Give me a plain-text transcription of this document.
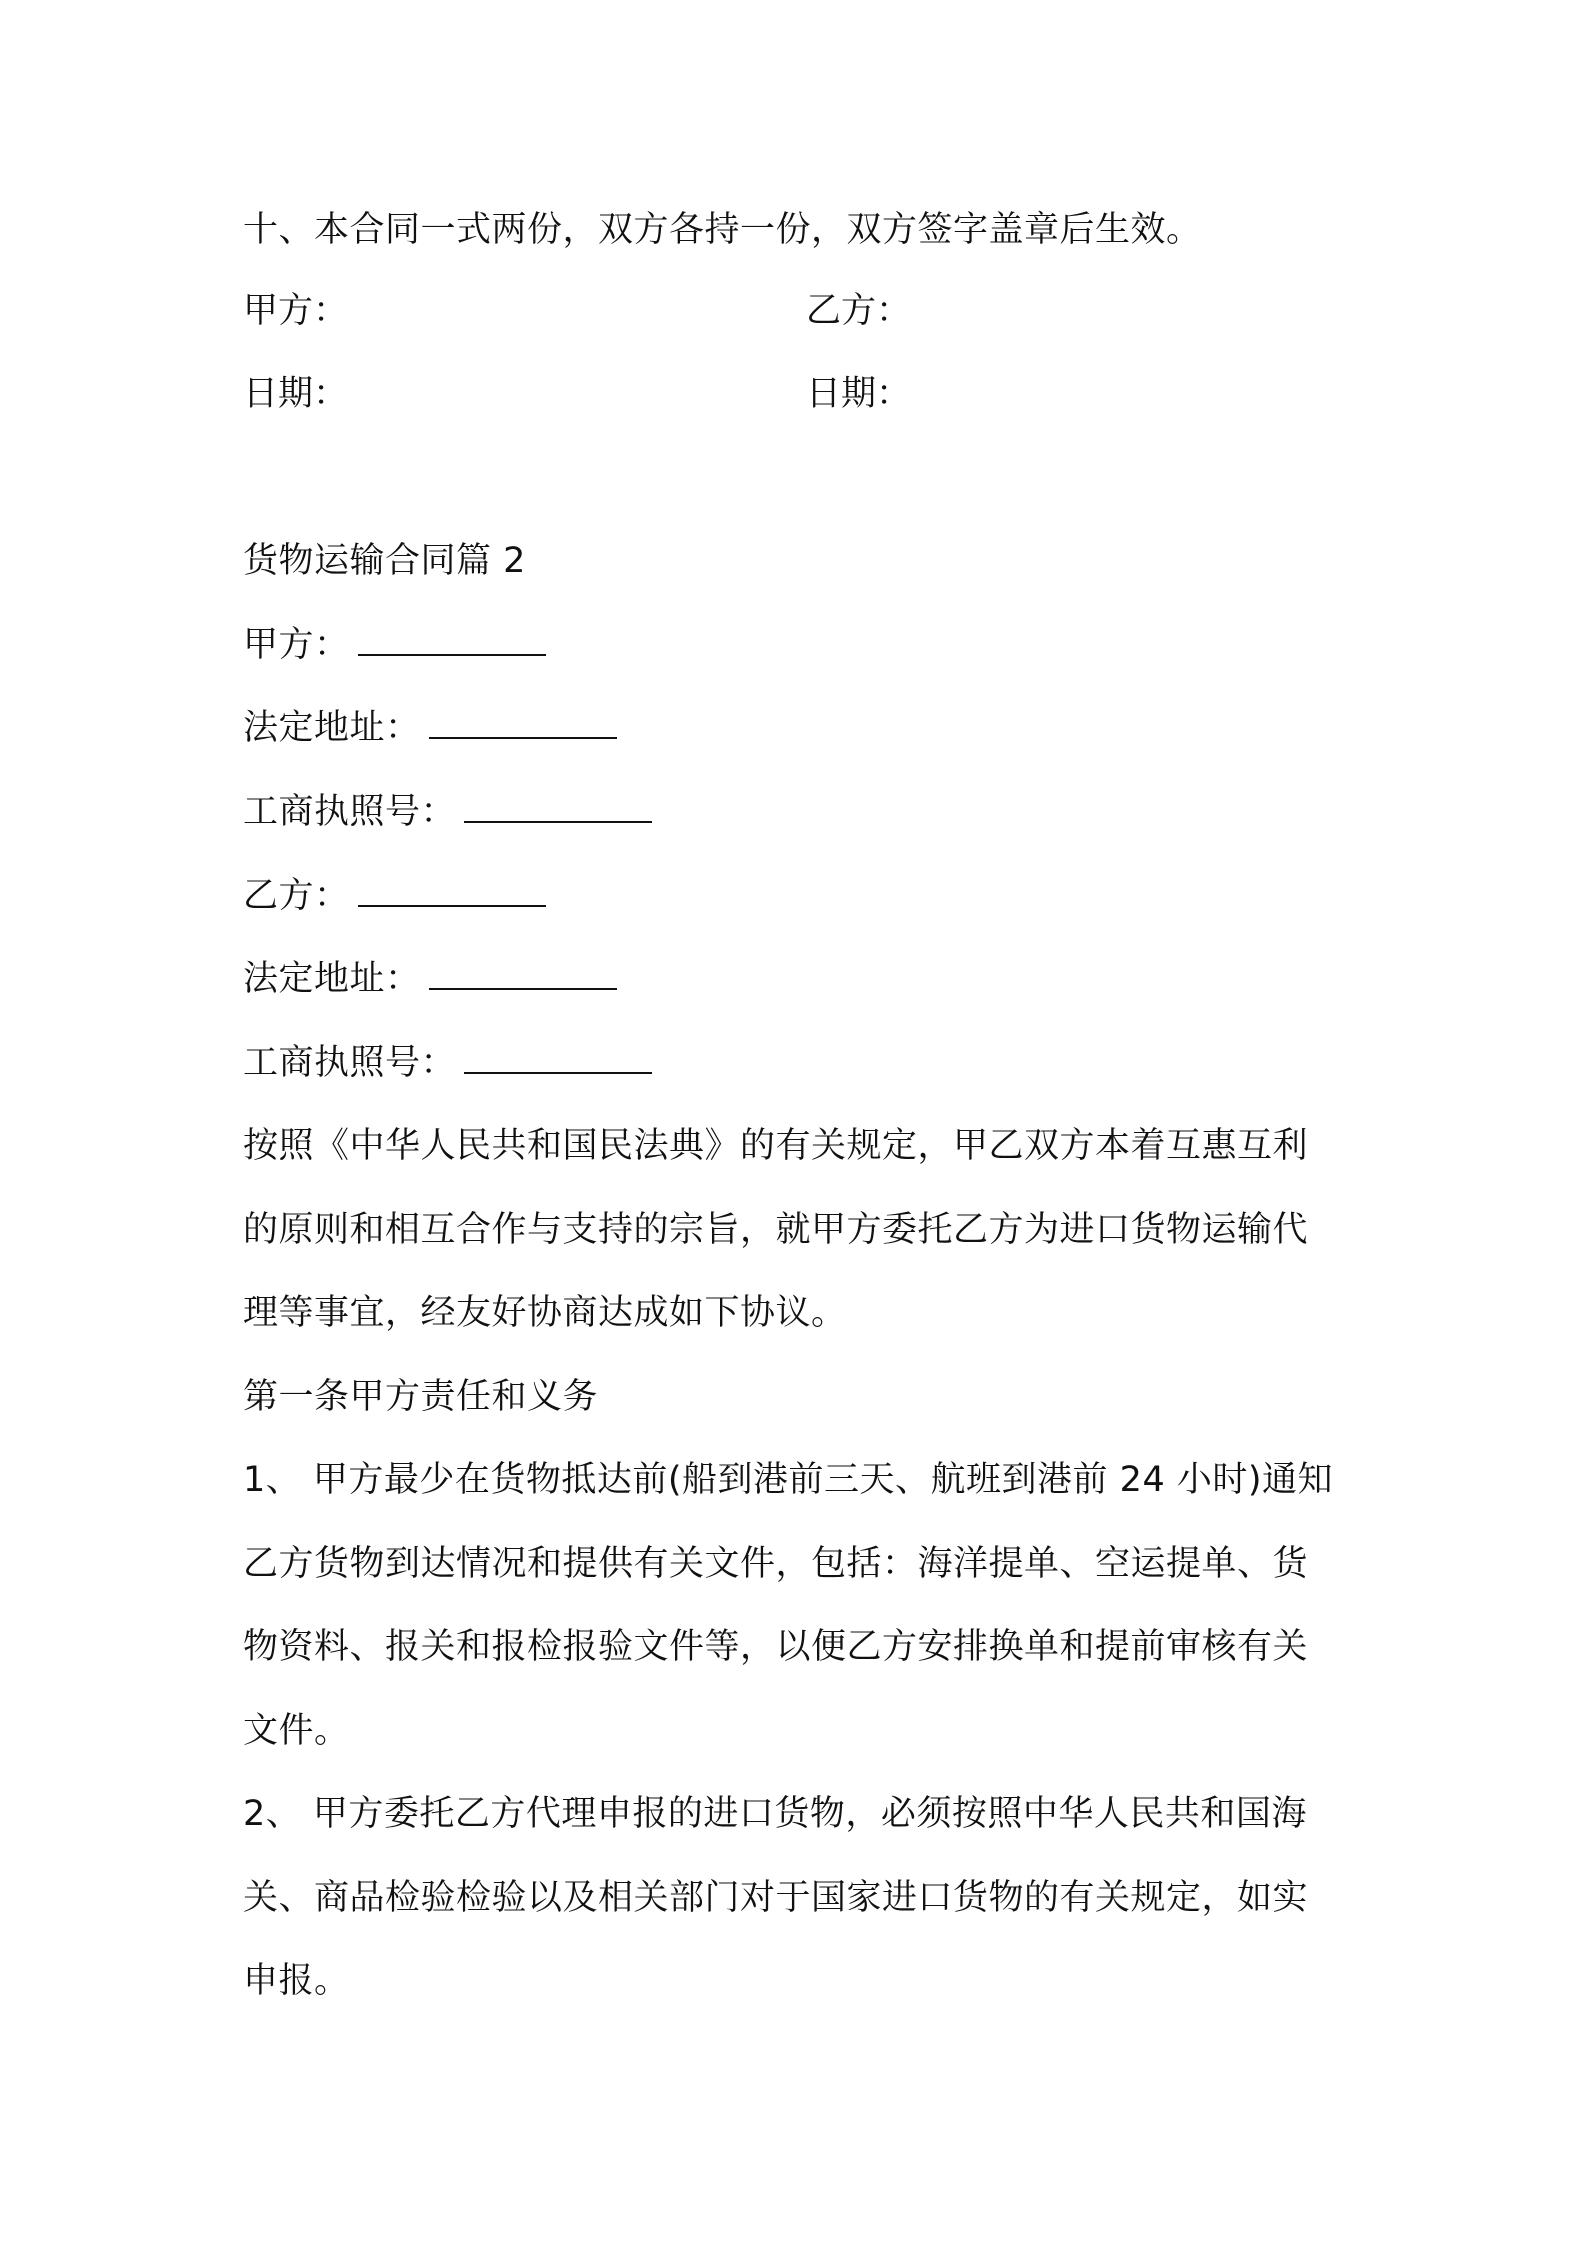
十、本合同一式两份，双方各持一份，双方签字盖章后生效。

甲方：	乙方：
日期：	日期：

货物运输合同篇 2

甲方：

法定地址：

工商执照号：

乙方：

法定地址：

工商执照号：

按照《中华人民共和国民法典》的有关规定，甲乙双方本着互惠互利

的原则和相互合作与支持的宗旨，就甲方委托乙方为进口货物运输代

理等事宜，经友好协商达成如下协议。

第一条甲方责任和义务

1、 甲方最少在货物抵达前(船到港前三天、航班到港前 24 小时)通知

乙方货物到达情况和提供有关文件，包括：海洋提单、空运提单、货

物资料、报关和报检报验文件等，以便乙方安排换单和提前审核有关

文件。

2、 甲方委托乙方代理申报的进口货物，必须按照中华人民共和国海

关、商品检验检验以及相关部门对于国家进口货物的有关规定，如实

申报。
